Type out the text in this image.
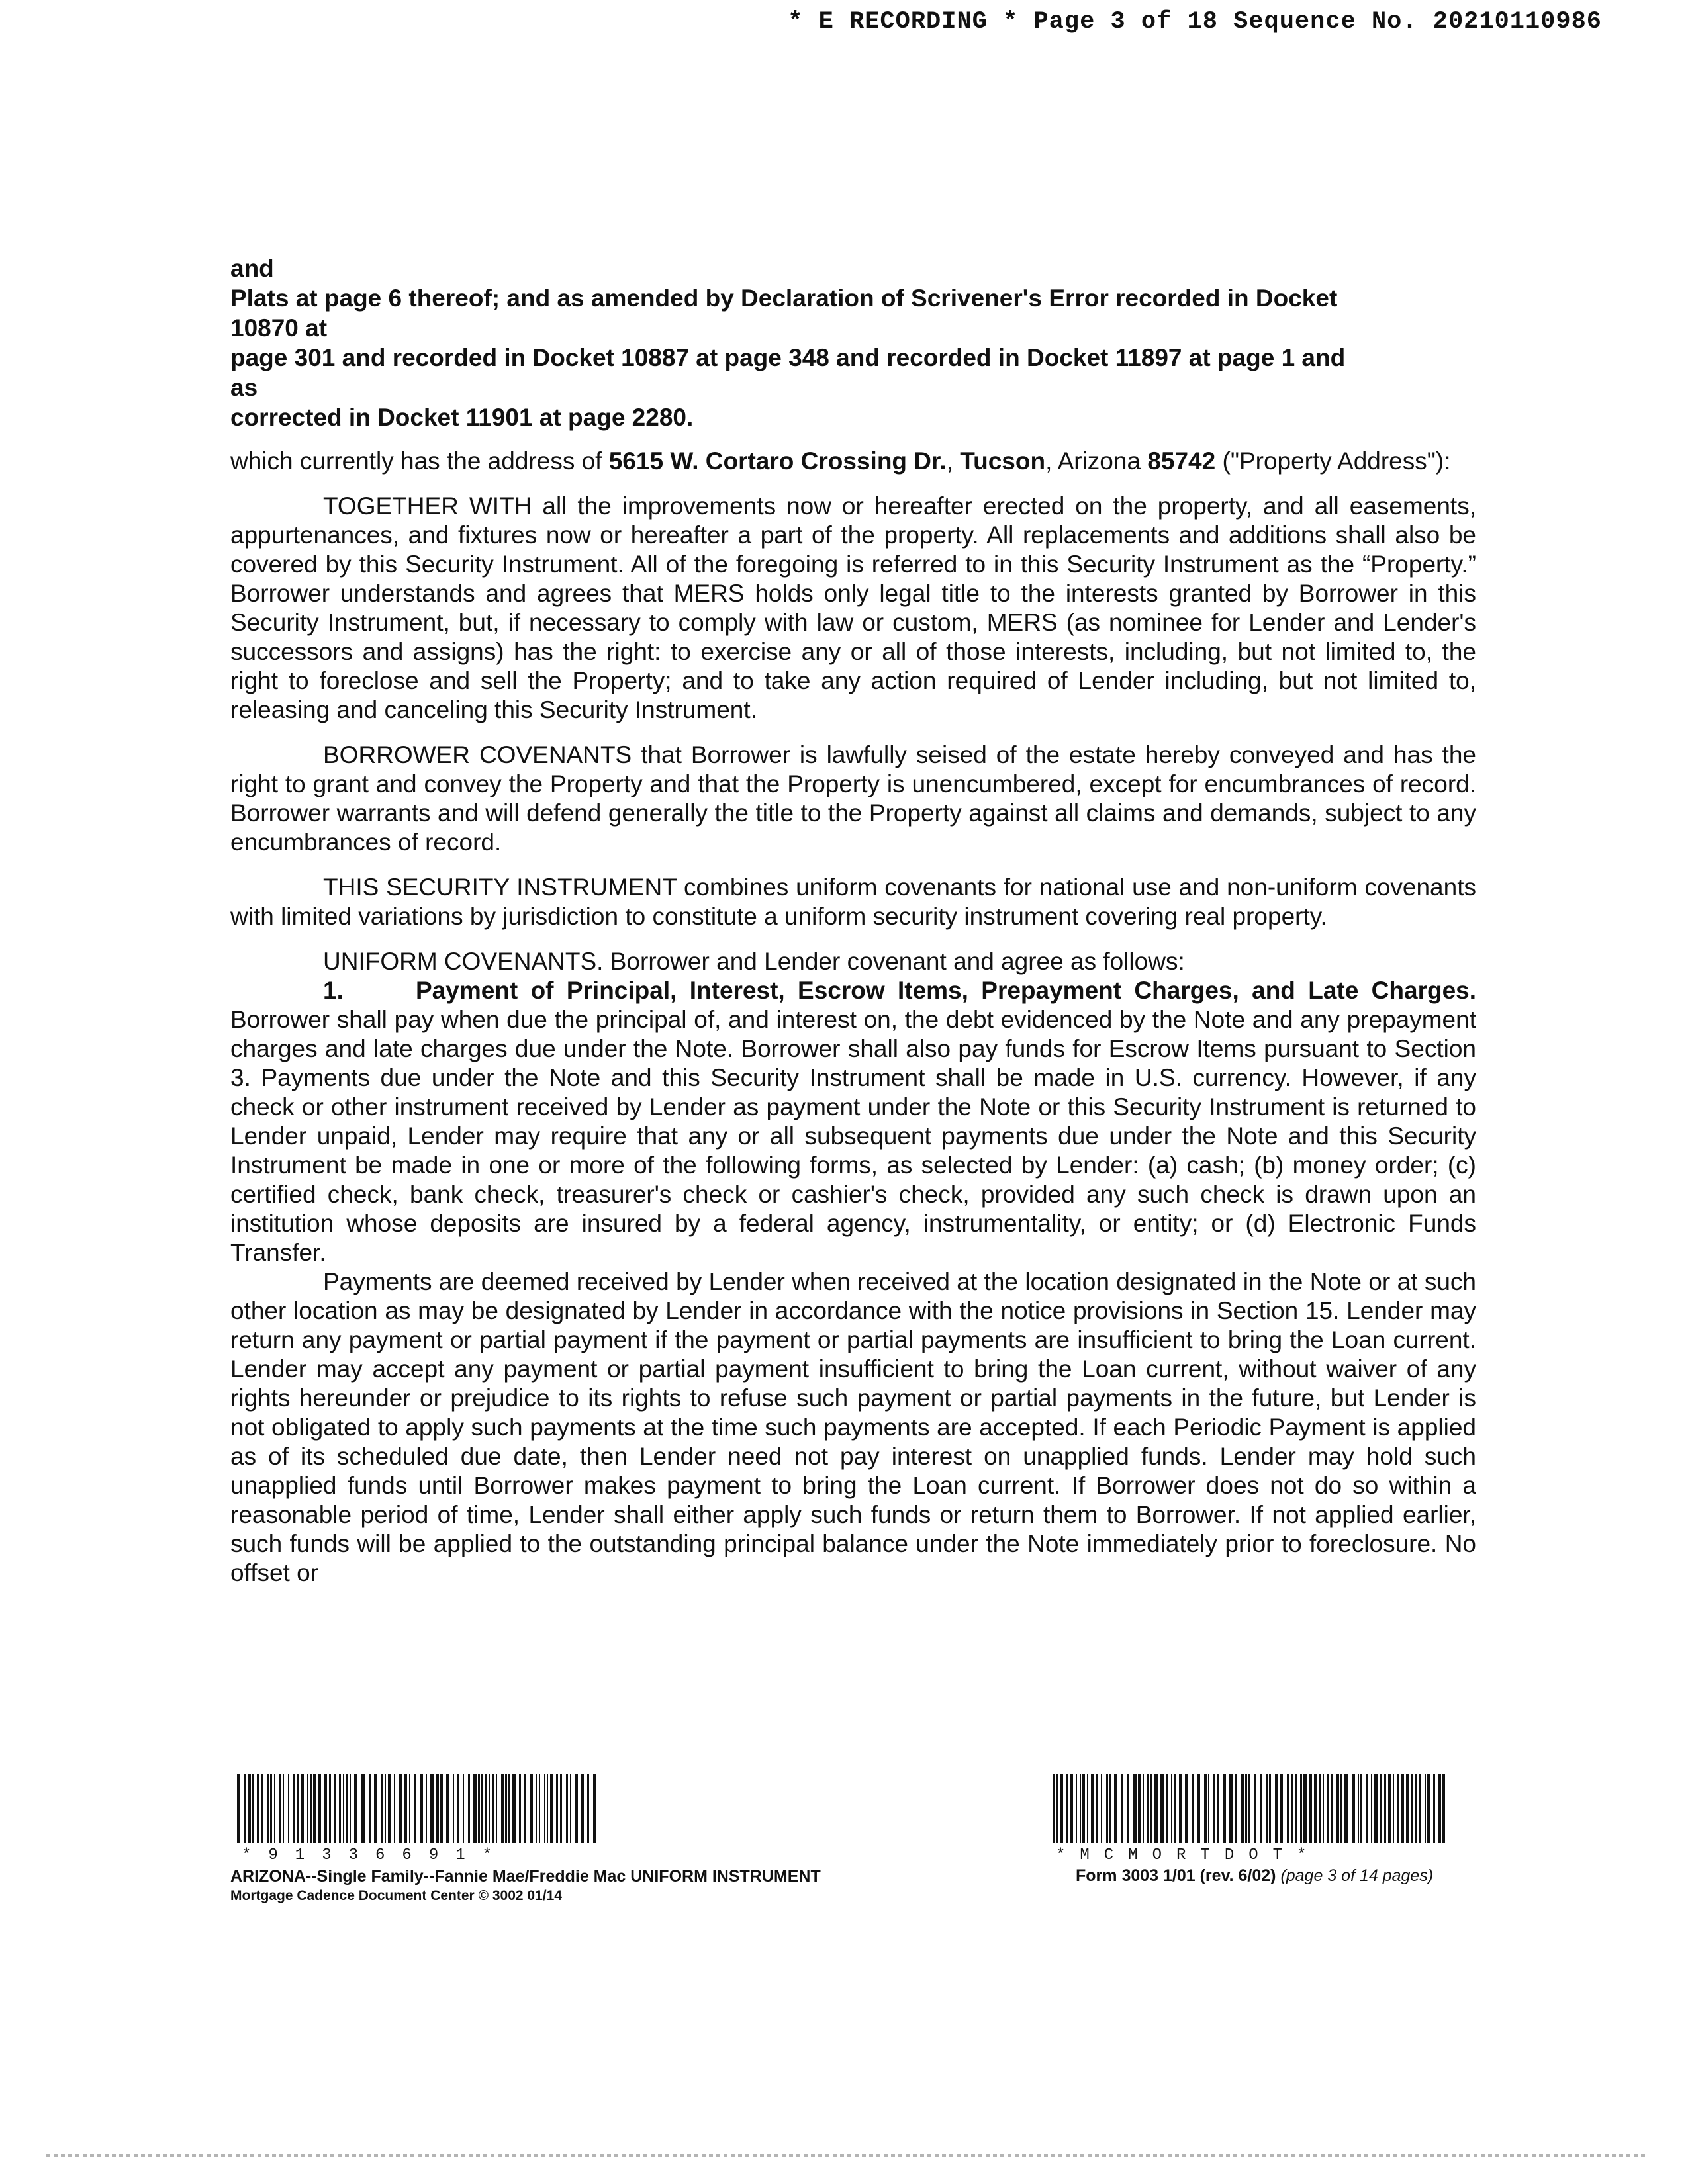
* E RECORDING * Page 3 of 18 Sequence No. 20210110986
and
Plats at page 6 thereof; and as amended by Declaration of Scrivener's Error recorded in Docket
10870 at
page 301 and recorded in Docket 10887 at page 348 and recorded in Docket 11897 at page 1 and
as
corrected in Docket 11901 at page 2280.
which currently has the address of 5615 W. Cortaro Crossing Dr., Tucson, Arizona 85742 ("Property Address"):
TOGETHER WITH all the improvements now or hereafter erected on the property, and all easements, appurtenances, and fixtures now or hereafter a part of the property. All replacements and additions shall also be covered by this Security Instrument. All of the foregoing is referred to in this Security Instrument as the “Property.” Borrower understands and agrees that MERS holds only legal title to the interests granted by Borrower in this Security Instrument, but, if necessary to comply with law or custom, MERS (as nominee for Lender and Lender's successors and assigns) has the right: to exercise any or all of those interests, including, but not limited to, the right to foreclose and sell the Property; and to take any action required of Lender including, but not limited to, releasing and canceling this Security Instrument.
BORROWER COVENANTS that Borrower is lawfully seised of the estate hereby conveyed and has the right to grant and convey the Property and that the Property is unencumbered, except for encumbrances of record. Borrower warrants and will defend generally the title to the Property against all claims and demands, subject to any encumbrances of record.
THIS SECURITY INSTRUMENT combines uniform covenants for national use and non-uniform covenants with limited variations by jurisdiction to constitute a uniform security instrument covering real property.
UNIFORM COVENANTS. Borrower and Lender covenant and agree as follows:
1.	Payment of Principal, Interest, Escrow Items, Prepayment Charges, and Late Charges. Borrower shall pay when due the principal of, and interest on, the debt evidenced by the Note and any prepayment charges and late charges due under the Note. Borrower shall also pay funds for Escrow Items pursuant to Section 3. Payments due under the Note and this Security Instrument shall be made in U.S. currency. However, if any check or other instrument received by Lender as payment under the Note or this Security Instrument is returned to Lender unpaid, Lender may require that any or all subsequent payments due under the Note and this Security Instrument be made in one or more of the following forms, as selected by Lender: (a) cash; (b) money order; (c) certified check, bank check, treasurer's check or cashier's check, provided any such check is drawn upon an institution whose deposits are insured by a federal agency, instrumentality, or entity; or (d) Electronic Funds Transfer.
Payments are deemed received by Lender when received at the location designated in the Note or at such other location as may be designated by Lender in accordance with the notice provisions in Section 15. Lender may return any payment or partial payment if the payment or partial payments are insufficient to bring the Loan current. Lender may accept any payment or partial payment insufficient to bring the Loan current, without waiver of any rights hereunder or prejudice to its rights to refuse such payment or partial payments in the future, but Lender is not obligated to apply such payments at the time such payments are accepted. If each Periodic Payment is applied as of its scheduled due date, then Lender need not pay interest on unapplied funds. Lender may hold such unapplied funds until Borrower makes payment to bring the Loan current. If Borrower does not do so within a reasonable period of time, Lender shall either apply such funds or return them to Borrower. If not applied earlier, such funds will be applied to the outstanding principal balance under the Note immediately prior to foreclosure. No offset or
*91336691*	*MCMORTDOT*
ARIZONA--Single Family--Fannie Mae/Freddie Mac UNIFORM INSTRUMENT
Mortgage Cadence Document Center © 3002 01/14
Form 3003 1/01 (rev. 6/02) (page 3 of 14 pages)
